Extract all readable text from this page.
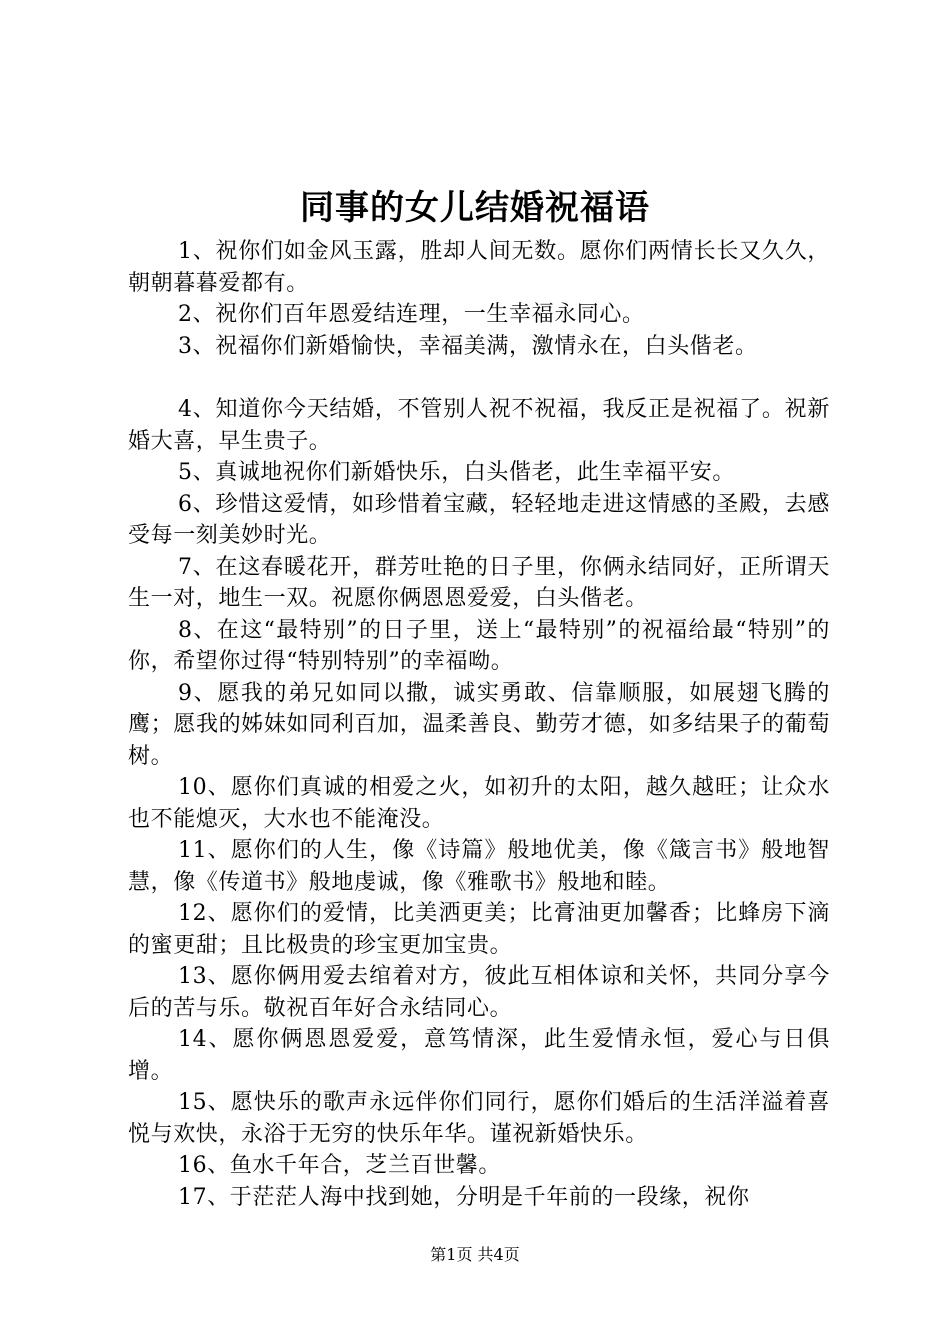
同事的女儿结婚祝福语

1、祝你们如金风玉露，胜却人间无数。愿你们两情长长又久久，朝朝暮暮爱都有。

2、祝你们百年恩爱结连理，一生幸福永同心。

3、祝福你们新婚愉快，幸福美满，激情永在，白头偕老。

4、知道你今天结婚，不管别人祝不祝福，我反正是祝福了。祝新婚大喜，早生贵子。

5、真诚地祝你们新婚快乐，白头偕老，此生幸福平安。

6、珍惜这爱情，如珍惜着宝藏，轻轻地走进这情感的圣殿，去感受每一刻美妙时光。

7、在这春暖花开，群芳吐艳的日子里，你俩永结同好，正所谓天生一对，地生一双。祝愿你俩恩恩爱爱，白头偕老。

8、在这“最特别”的日子里，送上“最特别”的祝福给最“特别”的你，希望你过得“特别特别”的幸福呦。

9、愿我的弟兄如同以撒，诚实勇敢、信靠顺服，如展翅飞腾的鹰；愿我的姊妹如同利百加，温柔善良、勤劳才德，如多结果子的葡萄树。

10、愿你们真诚的相爱之火，如初升的太阳，越久越旺；让众水也不能熄灭，大水也不能淹没。

11、愿你们的人生，像《诗篇》般地优美，像《箴言书》般地智慧，像《传道书》般地虔诚，像《雅歌书》般地和睦。

12、愿你们的爱情，比美洒更美；比膏油更加馨香；比蜂房下滴的蜜更甜；且比极贵的珍宝更加宝贵。

13、愿你俩用爱去绾着对方，彼此互相体谅和关怀，共同分享今后的苦与乐。敬祝百年好合永结同心。

14、愿你俩恩恩爱爱，意笃情深，此生爱情永恒，爱心与日俱增。

15、愿快乐的歌声永远伴你们同行，愿你们婚后的生活洋溢着喜悦与欢快，永浴于无穷的快乐年华。谨祝新婚快乐。

16、鱼水千年合，芝兰百世馨。

17、于茫茫人海中找到她，分明是千年前的一段缘，祝你

第1页 共4页
